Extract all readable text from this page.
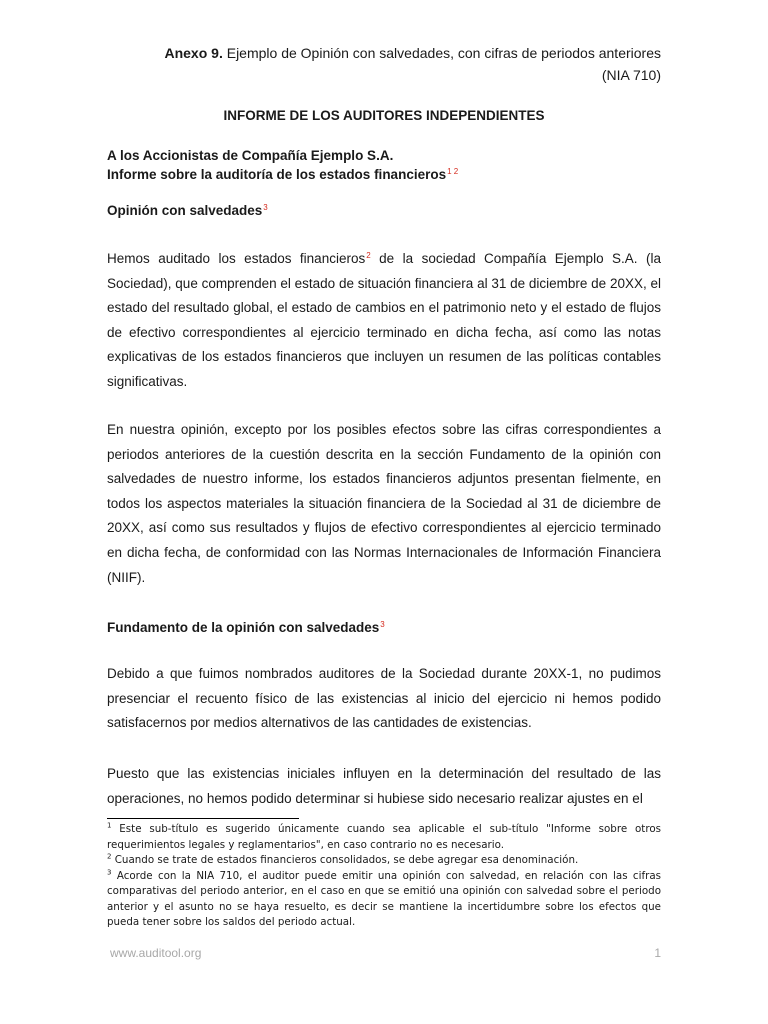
Anexo 9. Ejemplo de Opinión con salvedades, con cifras de periodos anteriores
(NIA 710)
INFORME DE LOS AUDITORES INDEPENDIENTES
A los Accionistas de Compañía Ejemplo S.A.
Informe sobre la auditoría de los estados financieros$^{1 2}$
Opinión con salvedades$^3$

Hemos auditado los estados financieros$^2$ de la sociedad Compañía Ejemplo S.A. (la Sociedad), que comprenden el estado de situación financiera al 31 de diciembre de 20XX, el estado del resultado global, el estado de cambios en el patrimonio neto y el estado de flujos de efectivo correspondientes al ejercicio terminado en dicha fecha, así como las notas explicativas de los estados financieros que incluyen un resumen de las políticas contables significativas.

En nuestra opinión, excepto por los posibles efectos sobre las cifras correspondientes a periodos anteriores de la cuestión descrita en la sección Fundamento de la opinión con salvedades de nuestro informe, los estados financieros adjuntos presentan fielmente, en todos los aspectos materiales la situación financiera de la Sociedad al 31 de diciembre de 20XX, así como sus resultados y flujos de efectivo correspondientes al ejercicio terminado en dicha fecha, de conformidad con las Normas Internacionales de Información Financiera (NIIF).

Fundamento de la opinión con salvedades$^3$

Debido a que fuimos nombrados auditores de la Sociedad durante 20XX-1, no pudimos presenciar el recuento físico de las existencias al inicio del ejercicio ni hemos podido satisfacernos por medios alternativos de las cantidades de existencias.

Puesto que las existencias iniciales influyen en la determinación del resultado de las operaciones, no hemos podido determinar si hubiese sido necesario realizar ajustes en el

$^1$ Este sub-título es sugerido únicamente cuando sea aplicable el sub-título "Informe sobre otros requerimientos legales y reglamentarios", en caso contrario no es necesario.

$^2$ Cuando se trate de estados financieros consolidados, se debe agregar esa denominación.

$^3$ Acorde con la NIA 710, el auditor puede emitir una opinión con salvedad, en relación con las cifras comparativas del periodo anterior, en el caso en que se emitió una opinión con salvedad sobre el periodo anterior y el asunto no se haya resuelto, es decir se mantiene la incertidumbre sobre los efectos que pueda tener sobre los saldos del periodo actual.

www.auditool.org	1
